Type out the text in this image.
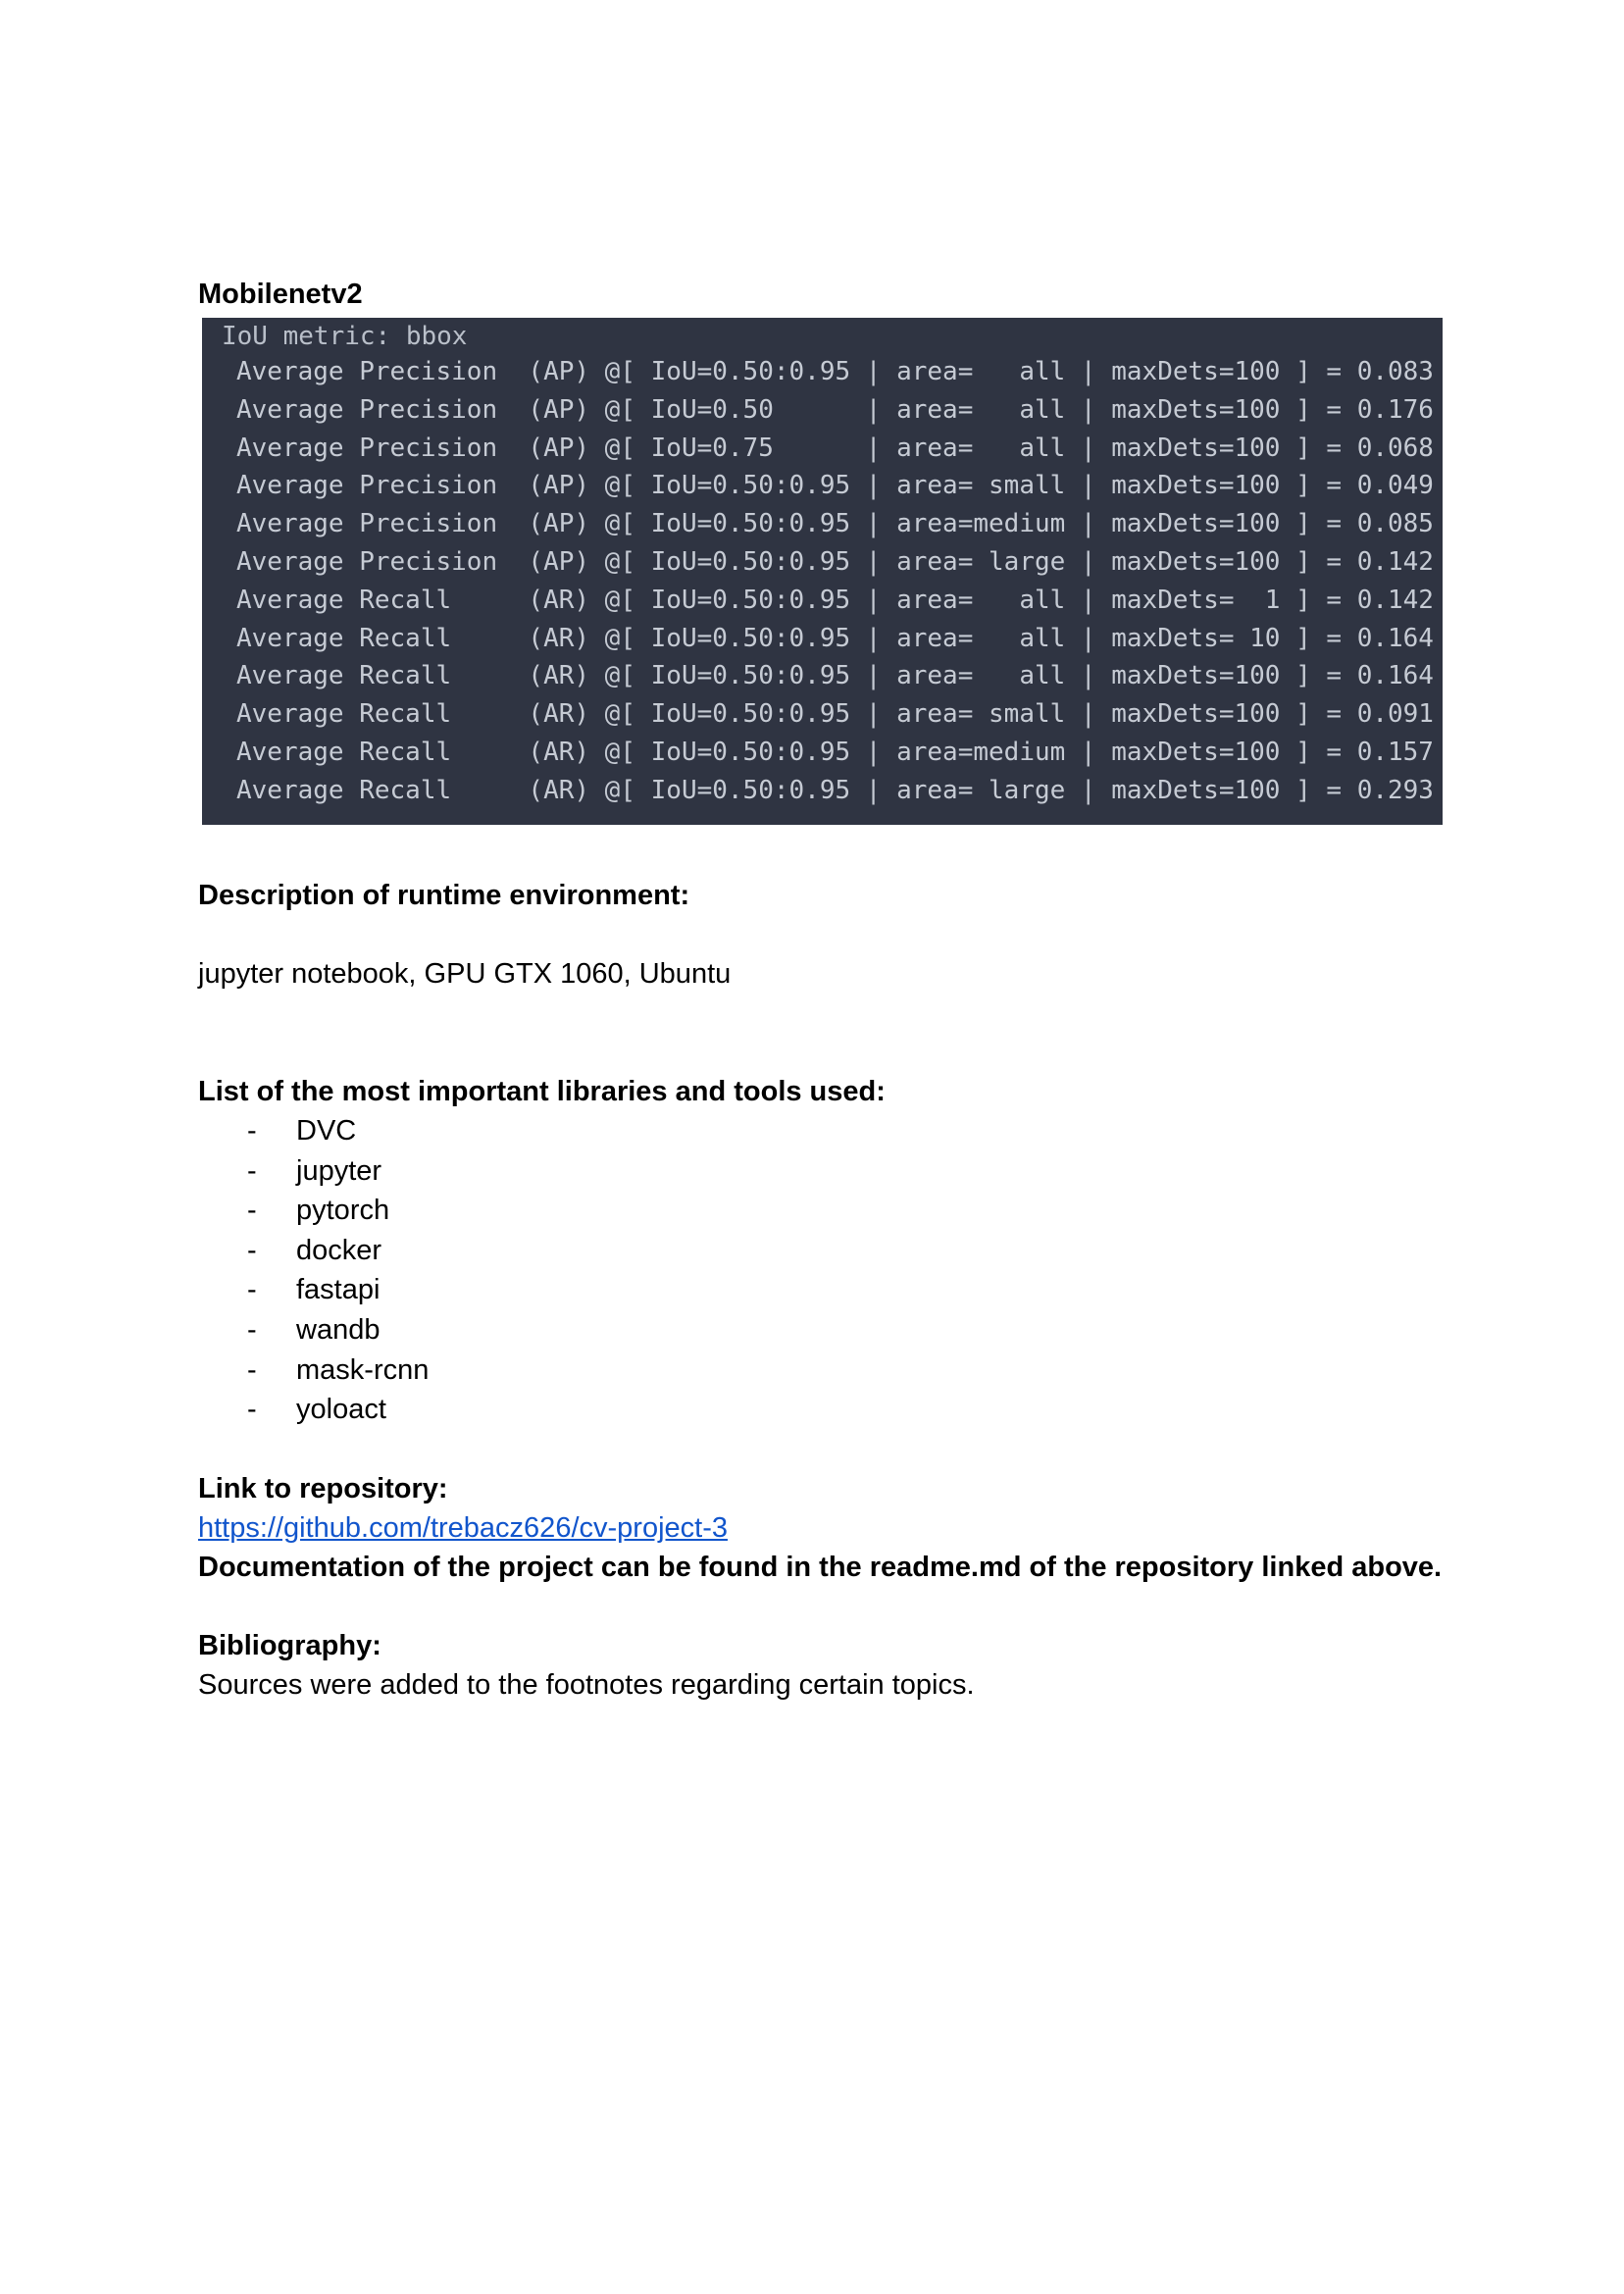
Mobilenetv2

IoU metric: bbox
Average Precision  (AP) @[ IoU=0.50:0.95 | area=   all | maxDets=100 ] = 0.083
Average Precision  (AP) @[ IoU=0.50      | area=   all | maxDets=100 ] = 0.176
Average Precision  (AP) @[ IoU=0.75      | area=   all | maxDets=100 ] = 0.068
Average Precision  (AP) @[ IoU=0.50:0.95 | area= small | maxDets=100 ] = 0.049
Average Precision  (AP) @[ IoU=0.50:0.95 | area=medium | maxDets=100 ] = 0.085
Average Precision  (AP) @[ IoU=0.50:0.95 | area= large | maxDets=100 ] = 0.142
Average Recall     (AR) @[ IoU=0.50:0.95 | area=   all | maxDets=  1 ] = 0.142
Average Recall     (AR) @[ IoU=0.50:0.95 | area=   all | maxDets= 10 ] = 0.164
Average Recall     (AR) @[ IoU=0.50:0.95 | area=   all | maxDets=100 ] = 0.164
Average Recall     (AR) @[ IoU=0.50:0.95 | area= small | maxDets=100 ] = 0.091
Average Recall     (AR) @[ IoU=0.50:0.95 | area=medium | maxDets=100 ] = 0.157
Average Recall     (AR) @[ IoU=0.50:0.95 | area= large | maxDets=100 ] = 0.293

Description of runtime environment:

jupyter notebook, GPU GTX 1060, Ubuntu

List of the most important libraries and tools used:

- DVC
- jupyter
- pytorch
- docker
- fastapi
- wandb
- mask-rcnn
- yoloact

Link to repository:

https://github.com/trebacz626/cv-project-3

Documentation of the project can be found in the readme.md of the repository linked above.

Bibliography:

Sources were added to the footnotes regarding certain topics.
